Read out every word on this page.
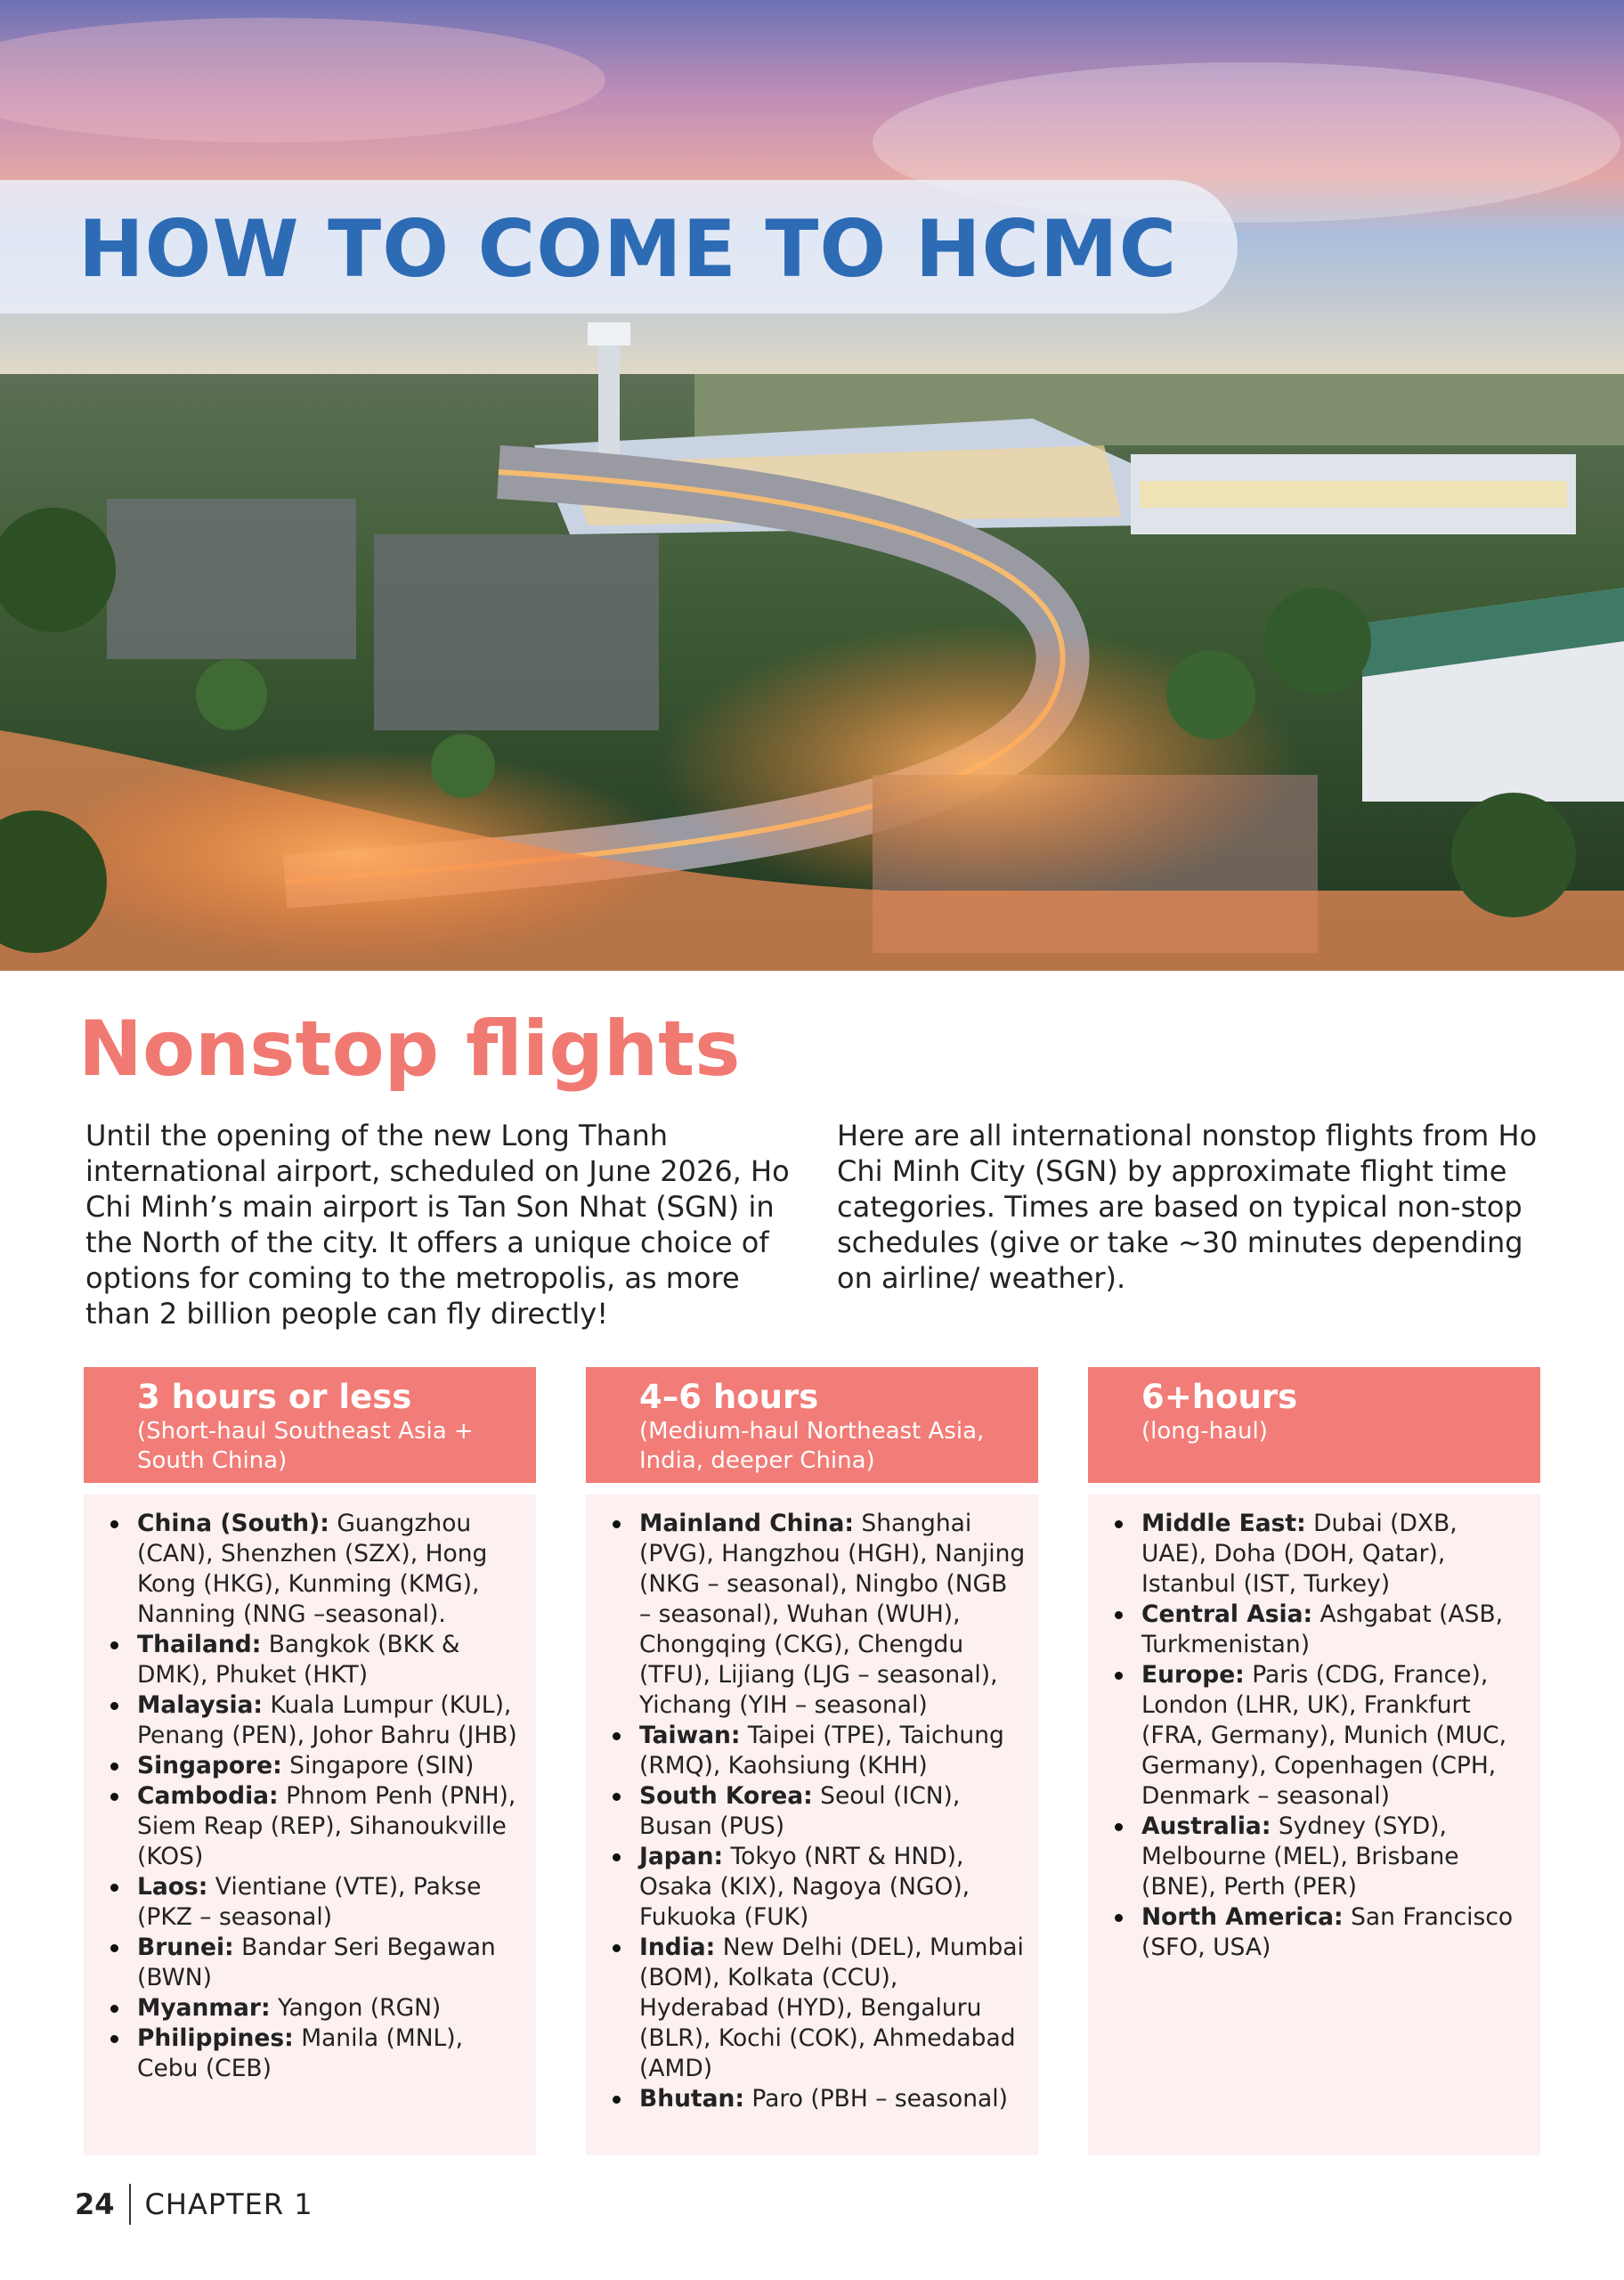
HOW TO COME TO HCMC
Nonstop flights
Until the opening of the new Long Thanh international airport, scheduled on June 2026, Ho Chi Minh’s main airport is Tan Son Nhat (SGN) in the North of the city. It offers a unique choice of options for coming to the metropolis, as more than 2 billion people can fly directly!
Here are all international nonstop flights from Ho Chi Minh City (SGN) by approximate flight time categories. Times are based on typical non-stop schedules (give or take ~30 minutes depending on airline/ weather).
3 hours or less
(Short-haul Southeast Asia + South China)
China (South): Guangzhou (CAN), Shenzhen (SZX), Hong Kong (HKG), Kunming (KMG), Nanning (NNG –seasonal).
Thailand: Bangkok (BKK & DMK), Phuket (HKT)
Malaysia: Kuala Lumpur (KUL), Penang (PEN), Johor Bahru (JHB)
Singapore: Singapore (SIN)
Cambodia: Phnom Penh (PNH), Siem Reap (REP), Sihanoukville (KOS)
Laos: Vientiane (VTE), Pakse (PKZ – seasonal)
Brunei: Bandar Seri Begawan (BWN)
Myanmar: Yangon (RGN)
Philippines: Manila (MNL), Cebu (CEB)
4–6 hours
(Medium-haul Northeast Asia, India, deeper China)
Mainland China: Shanghai (PVG), Hangzhou (HGH), Nanjing (NKG – seasonal), Ningbo (NGB – seasonal), Wuhan (WUH), Chongqing (CKG), Chengdu (TFU), Lijiang (LJG – seasonal), Yichang (YIH – seasonal)
Taiwan: Taipei (TPE), Taichung (RMQ), Kaohsiung (KHH)
South Korea: Seoul (ICN), Busan (PUS)
Japan: Tokyo (NRT & HND), Osaka (KIX), Nagoya (NGO), Fukuoka (FUK)
India: New Delhi (DEL), Mumbai (BOM), Kolkata (CCU), Hyderabad (HYD), Bengaluru (BLR), Kochi (COK), Ahmedabad (AMD)
Bhutan: Paro (PBH – seasonal)
6+hours
(long-haul)
Middle East: Dubai (DXB, UAE), Doha (DOH, Qatar), Istanbul (IST, Turkey)
Central Asia: Ashgabat (ASB, Turkmenistan)
Europe: Paris (CDG, France), London (LHR, UK), Frankfurt (FRA, Germany), Munich (MUC, Germany), Copenhagen (CPH, Denmark – seasonal)
Australia: Sydney (SYD), Melbourne (MEL), Brisbane (BNE), Perth (PER)
North America: San Francisco (SFO, USA)
24	CHAPTER 1
